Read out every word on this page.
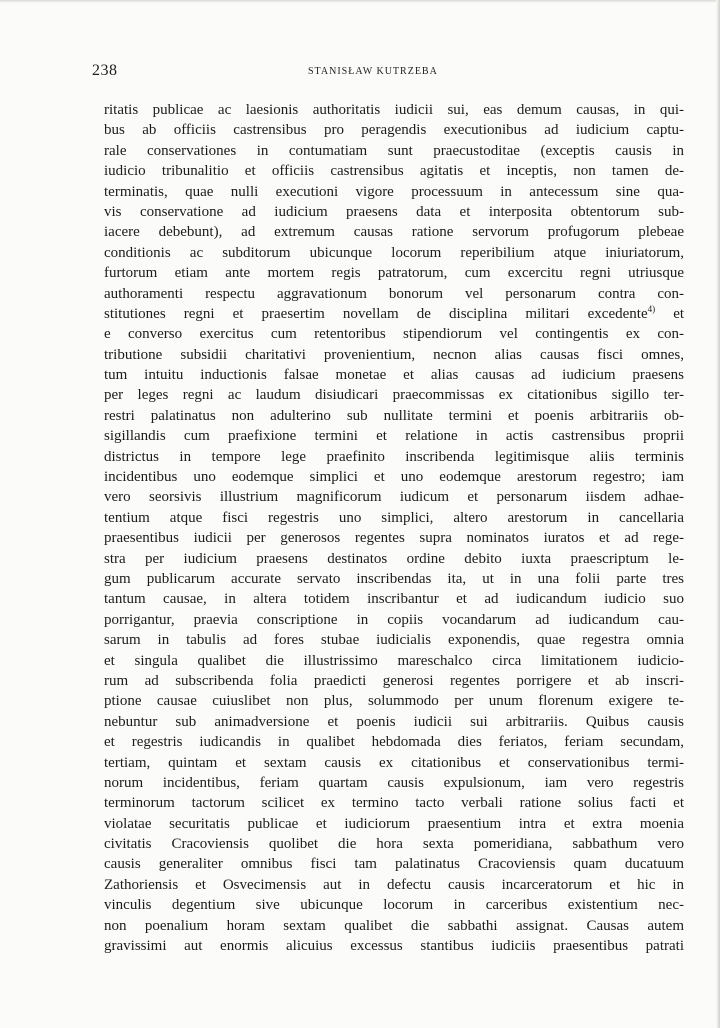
238	STANISŁAW KUTRZEBA
ritatis publicae ac laesionis authoritatis iudicii sui, eas demum causas, in qui-
bus ab officiis castrensibus pro peragendis executionibus ad iudicium captu-
rale conservationes in contumatiam sunt praecustoditae (exceptis causis in
iudicio tribunalitio et officiis castrensibus agitatis et inceptis, non tamen de-
terminatis, quae nulli executioni vigore processuum in antecessum sine qua-
vis conservatione ad iudicium praesens data et interposita obtentorum sub-
iacere debebunt), ad extremum causas ratione servorum profugorum plebeae
conditionis ac subditorum ubicunque locorum reperibilium atque iniuriatorum,
furtorum etiam ante mortem regis patratorum, cum excercitu regni utriusque
authoramenti respectu aggravationum bonorum vel personarum contra con-
stitutiones regni et praesertim novellam de disciplina militari excedente$^{4)}$ et
e converso exercitus cum retentoribus stipendiorum vel contingentis ex con-
tributione subsidii charitativi provenientium, necnon alias causas fisci omnes,
tum intuitu inductionis falsae monetae et alias causas ad iudicium praesens
per leges regni ac laudum disiudicari praecommissas ex citationibus sigillo ter-
restri palatinatus non adulterino sub nullitate termini et poenis arbitrariis ob-
sigillandis cum praefixione termini et relatione in actis castrensibus proprii
districtus in tempore lege praefinito inscribenda legitimisque aliis terminis
incidentibus uno eodemque simplici et uno eodemque arestorum regestro; iam
vero seorsivis illustrium magnificorum iudicum et personarum iisdem adhae-
tentium atque fisci regestris uno simplici, altero arestorum in cancellaria
praesentibus iudicii per generosos regentes supra nominatos iuratos et ad rege-
stra per iudicium praesens destinatos ordine debito iuxta praescriptum le-
gum publicarum accurate servato inscribendas ita, ut in una folii parte tres
tantum causae, in altera totidem inscribantur et ad iudicandum iudicio suo
porrigantur, praevia conscriptione in copiis vocandarum ad iudicandum cau-
sarum in tabulis ad fores stubae iudicialis exponendis, quae regestra omnia
et singula qualibet die illustrissimo mareschalco circa limitationem iudicio-
rum ad subscribenda folia praedicti generosi regentes porrigere et ab inscri-
ptione causae cuiuslibet non plus, solummodo per unum florenum exigere te-
nebuntur sub animadversione et poenis iudicii sui arbitrariis. Quibus causis
et regestris iudicandis in qualibet hebdomada dies feriatos, feriam secundam,
tertiam, quintam et sextam causis ex citationibus et conservationibus termi-
norum incidentibus, feriam quartam causis expulsionum, iam vero regestris
terminorum tactorum scilicet ex termino tacto verbali ratione solius facti et
violatae securitatis publicae et iudiciorum praesentium intra et extra moenia
civitatis Cracoviensis quolibet die hora sexta pomeridiana, sabbathum vero
causis generaliter omnibus fisci tam palatinatus Cracoviensis quam ducatuum
Zathoriensis et Osvecimensis aut in defectu causis incarceratorum et hic in
vinculis degentium sive ubicunque locorum in carceribus existentium nec-
non poenalium horam sextam qualibet die sabbathi assignat. Causas autem
gravissimi aut enormis alicuius excessus stantibus iudiciis praesentibus patrati
